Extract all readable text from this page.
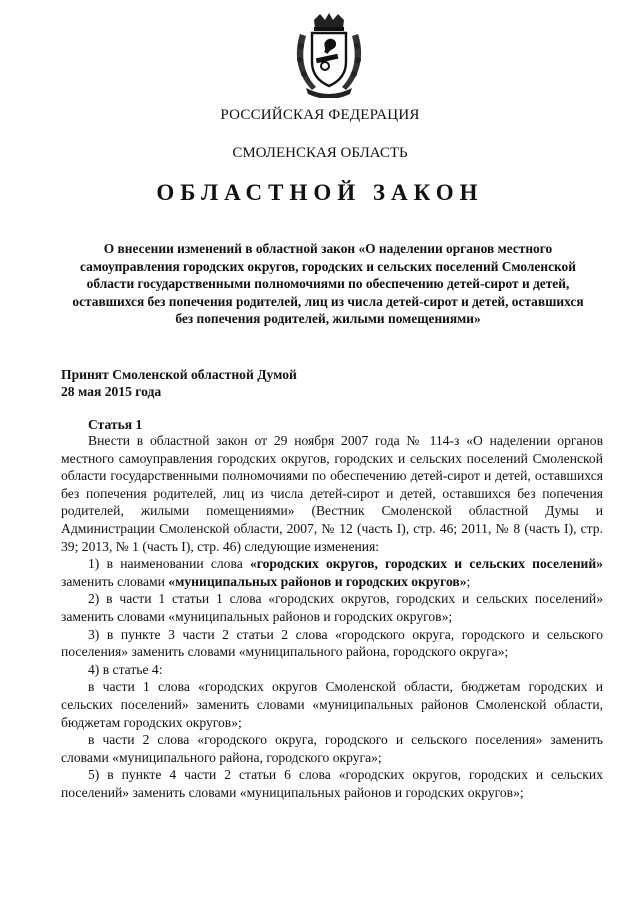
РОССИЙСКАЯ ФЕДЕРАЦИЯ
СМОЛЕНСКАЯ ОБЛАСТЬ
ОБЛАСТНОЙ ЗАКОН
О внесении изменений в областной закон «О наделении органов местного самоуправления городских округов, городских и сельских поселений Смоленской области государственными полномочиями по обеспечению детей-сирот и детей, оставшихся без попечения родителей, лиц из числа детей-сирот и детей, оставшихся без попечения родителей, жилыми помещениями»
Принят Смоленской областной Думой
28 мая 2015 года
Статья 1

Внести в областной закон от 29 ноября 2007 года № 114-з «О наделении органов местного самоуправления городских округов, городских и сельских поселений Смоленской области государственными полномочиями по обеспечению детей-сирот и детей, оставшихся без попечения родителей, лиц из числа детей-сирот и детей, оставшихся без попечения родителей, жилыми помещениями» (Вестник Смоленской областной Думы и Администрации Смоленской области, 2007, № 12 (часть I), стр. 46; 2011, № 8 (часть I), стр. 39; 2013, № 1 (часть I), стр. 46) следующие изменения:

1) в наименовании слова «городских округов, городских и сельских поселений» заменить словами «муниципальных районов и городских округов»;

2) в части 1 статьи 1 слова «городских округов, городских и сельских поселений» заменить словами «муниципальных районов и городских округов»;

3) в пункте 3 части 2 статьи 2 слова «городского округа, городского и сельского поселения» заменить словами «муниципального района, городского округа»;

4) в статье 4:

в части 1 слова «городских округов Смоленской области, бюджетам городских и сельских поселений» заменить словами «муниципальных районов Смоленской области, бюджетам городских округов»;

в части 2 слова «городского округа, городского и сельского поселения» заменить словами «муниципального района, городского округа»;

5) в пункте 4 части 2 статьи 6 слова «городских округов, городских и сельских поселений» заменить словами «муниципальных районов и городских округов»;
